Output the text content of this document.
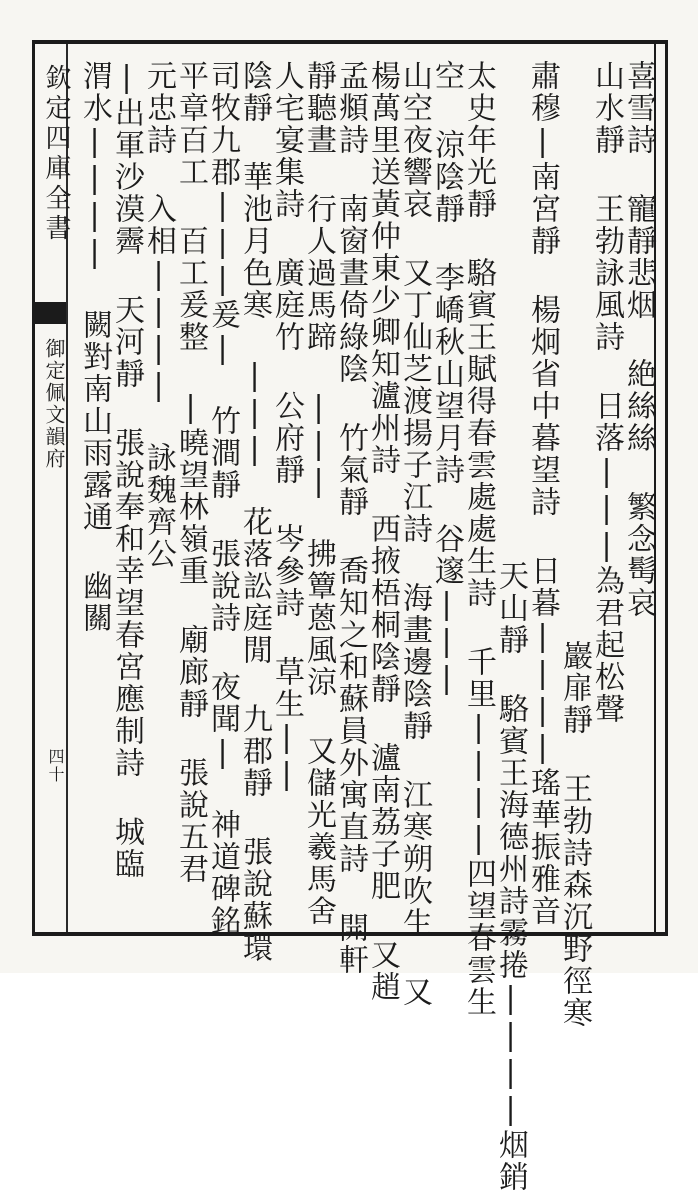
欽定四庫全書
御定佩文韻府
四十
喜雪詩 寵靜悲烟 絶絲絲 繁念髩哀
山水靜 王勃詠風詩 日落|||為君起松聲
巖扉靜 王勃詩森沉野徑寒
肅穆|南宮靜 楊炯省中暮望詩 日暮||||瑤華振雅音
天山靜 駱賓王海德州詩霧捲||||烟銷
太史年光靜 駱賓王賦得春雲處處生詩 千里||||四望春雲生
空 涼陰靜 李嶠秋山望月詩 谷邃|||
山空夜響哀 又丁仙芝渡揚子江詩 海畫邊陰靜 江寒朔吹生 又
楊萬里送黃仲東少卿知瀘州詩 西掖梧桐陰靜 瀘南荔子肥 又趙
孟頫詩 南窗晝倚綠陰 竹氣靜 喬知之和蘇員外寓直詩 開軒
靜聽晝 行人過馬蹄 ||| 拂簟蒽風涼 又儲光羲馬舍
人宅宴集詩 廣庭竹 公府靜 岑參詩 草生||
陰靜 華池月色寒 ||| 花落訟庭閒 九郡靜 張說蘇環
司牧九郡|||爰| 竹澗靜 張說詩 夜聞| 神道碑銘
平章百工 百工爰整 |曉望林嶺重 廟廊靜 張說五君
元忠詩 入相|||| 詠魏齊公
|出軍沙漠霽 天河靜 張說奉和幸望春宮應制詩 城臨
渭水|||| 闕對南山雨露通 幽關
